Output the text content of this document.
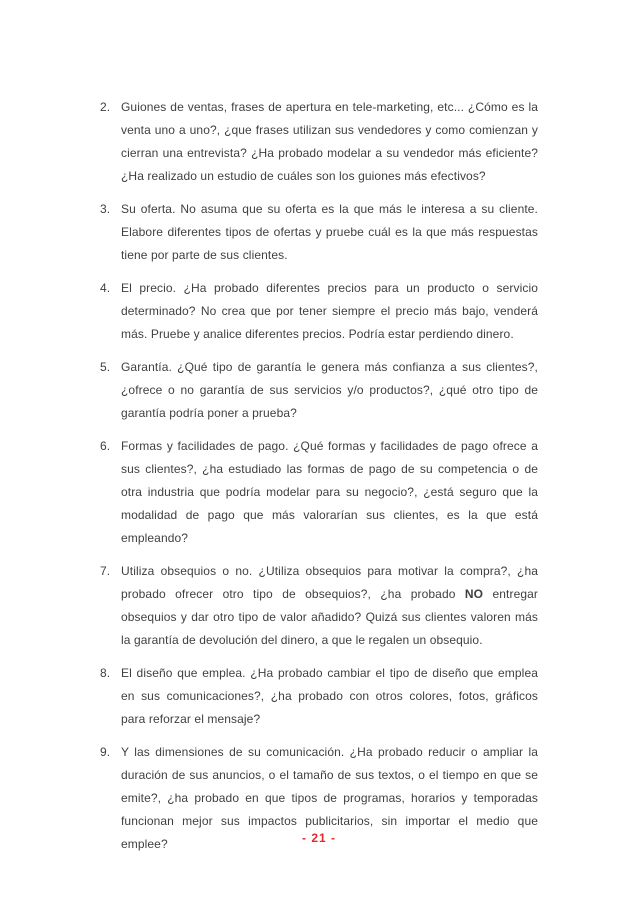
2. Guiones de ventas, frases de apertura en tele-marketing, etc... ¿Cómo es la venta uno a uno?, ¿que frases utilizan sus vendedores y como comienzan y cierran una entrevista? ¿Ha probado modelar a su vendedor más eficiente? ¿Ha realizado un estudio de cuáles son los guiones más efectivos?
3. Su oferta. No asuma que su oferta es la que más le interesa a su cliente. Elabore diferentes tipos de ofertas y pruebe cuál es la que más respuestas tiene por parte de sus clientes.
4. El precio. ¿Ha probado diferentes precios para un producto o servicio determinado? No crea que por tener siempre el precio más bajo, venderá más. Pruebe y analice diferentes precios. Podría estar perdiendo dinero.
5. Garantía. ¿Qué tipo de garantía le genera más confianza a sus clientes?, ¿ofrece o no garantía de sus servicios y/o productos?, ¿qué otro tipo de garantía podría poner a prueba?
6. Formas y facilidades de pago. ¿Qué formas y facilidades de pago ofrece a sus clientes?, ¿ha estudiado las formas de pago de su competencia o de otra industria que podría modelar para su negocio?, ¿está seguro que la modalidad de pago que más valorarían sus clientes, es la que está empleando?
7. Utiliza obsequios o no. ¿Utiliza obsequios para motivar la compra?, ¿ha probado ofrecer otro tipo de obsequios?, ¿ha probado NO entregar obsequios y dar otro tipo de valor añadido? Quizá sus clientes valoren más la garantía de devolución del dinero, a que le regalen un obsequio.
8. El diseño que emplea. ¿Ha probado cambiar el tipo de diseño que emplea en sus comunicaciones?, ¿ha probado con otros colores, fotos, gráficos para reforzar el mensaje?
9. Y las dimensiones de su comunicación. ¿Ha probado reducir o ampliar la duración de sus anuncios, o el tamaño de sus textos, o el tiempo en que se emite?, ¿ha probado en que tipos de programas, horarios y temporadas funcionan mejor sus impactos publicitarios, sin importar el medio que emplee?	- 21 -
